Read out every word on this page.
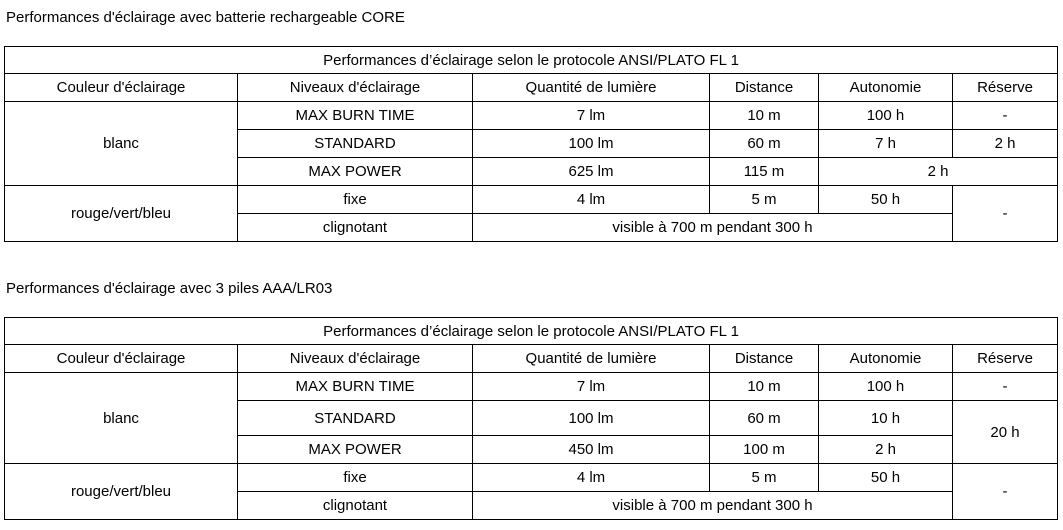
Performances d'éclairage avec batterie rechargeable CORE
Performances d’éclairage selon le protocole ANSI/PLATO FL 1					
Couleur d'éclairage	Niveaux d'éclairage	Quantité de lumière	Distance	Autonomie	Réserve
blanc	MAX BURN TIME	7 lm	10 m	100 h	-
	STANDARD	100 lm	60 m	7 h	2 h
	MAX POWER	625 lm	115 m	2 h	
rouge/vert/bleu	fixe	4 lm	5 m	50 h	-
	clignotant	visible à 700 m pendant 300 h			
Performances d'éclairage avec 3 piles AAA/LR03
Performances d’éclairage selon le protocole ANSI/PLATO FL 1					
Couleur d'éclairage	Niveaux d'éclairage	Quantité de lumière	Distance	Autonomie	Réserve
blanc	MAX BURN TIME	7 lm	10 m	100 h	-
	STANDARD	100 lm	60 m	10 h	20 h
	MAX POWER	450 lm	100 m	2 h	
rouge/vert/bleu	fixe	4 lm	5 m	50 h	-
	clignotant	visible à 700 m pendant 300 h			
